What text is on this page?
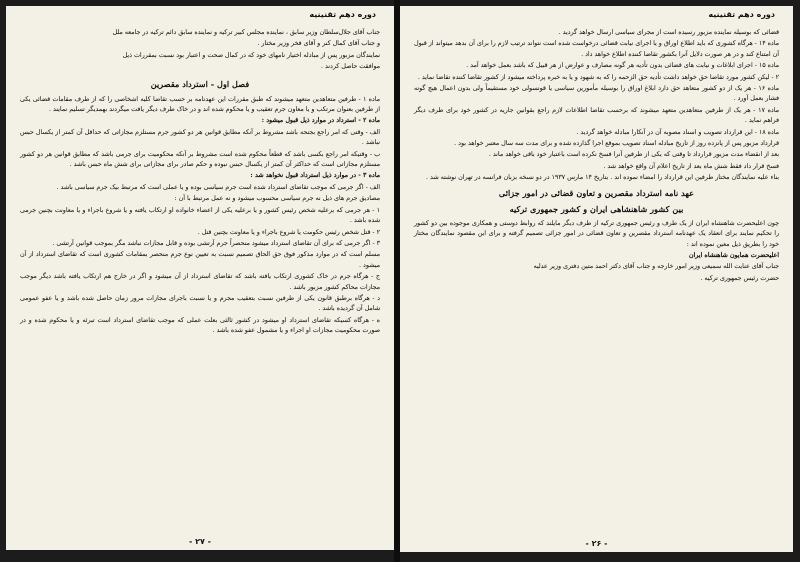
دوره دهم تقنینیه

جناب آقای جلال‌سلطان وزیر سابق ، نماینده مجلس کبیر ترکیه و نماینده سابق دائم ترکیه در جامعه ملل

و جناب آقای کمال کنر و آقای فخر وزیر مختار .

نمایندگان مزبور پس از مبادله اختیار نامهای خود که در کمال صحت و اعتبار بود نسبت بمقررات ذیل

موافقت حاصل کردند .

فصل اول - استرداد مقصرین

ماده ۱ - طرفین متعاهدین متعهد میشوند که طبق مقررات این عهدنامه بر حسب تقاضا کلیه اشخاصی را که از طرف مقامات قضائی یکی از طرفین بعنوان مرتکب و یا معاون جرم تعقیب و یا محکوم شده اند و در خاک طرف دیگر یافت میگردند بهمدیگر تسلیم نمایند .

ماده ۲ - استرداد در موارد ذیل قبول میشود :

الف - وقتی که امر راجع بجنحه باشد مشروط بر آنکه مطابق قوانین هر دو کشور جرم مستلزم مجازاتی که حداقل آن کمتر از یکسال حبس نباشد .

ب - وقتیکه امر راجع بکسی باشد که قطعاً محکوم شده است مشروط بر آنکه محکومیت برای جرمی باشد که مطابق قوانین هر دو کشور مستلزم مجازاتی است که حداکثر آن کمتر از یکسال حبس نبوده و حکم صادر برای مجازاتی برای شش ماه حبس باشد .

ماده ۳ - در موارد ذیل استرداد قبول نخواهد شد :

الف - اگر جرمی که موجب تقاضای استرداد شده است جرم سیاسی بوده و یا عملی است که مرتبط بیک جرم سیاسی باشد .

مصادیق جرم های ذیل نه جرم سیاسی محسوب میشود و نه عمل مرتبط با آن :

۱ - هر جرمی که برعلیه شخص رئیس کشور و یا برعلیه یکی از اعضاء خانواده او ارتکاب یافته و یا شروع باجراء و یا معاونت بچنین جرمی شده باشد .

۲ - قتل شخص رئیس حکومت یا شروع باجراء و یا معاونت بچنین قتل .

۳ - اگر جرمی که برای آن تقاضای استرداد میشود منحصراً جرم آرتشی بوده و قابل مجازات نباشد مگر بموجب قوانین آرتشی .

مسلم است که در موارد مذکور فوق حق الحاق تصمیم نسبت به تعیین نوع جرم منحصر بمقامات کشوری است که تقاضای استرداد از آن میشود .

ج - هرگاه جرم در خاک کشوری ارتکاب یافته باشد که تقاضای استرداد از آن میشود و اگر در خارج هم ارتکاب یافته باشد دیگر موجب مجازات محاکم کشور مزبور باشد .

د - هرگاه برطبق قانون یکی از طرفین نسبت بتعقیب مجرم و یا نسبت باجرای مجازات مرور زمان حاصل شده باشد و یا عفو عمومی شامل آن گردیده باشد .

ه - هرگاه کسیکه تقاضای استرداد او میشود در کشور ثالثی بعلت عملی که موجب تقاضای استرداد است تبرئه و یا محکوم شده و در صورت محکومیت مجازات او اجراء و یا مشمول عفو شده باشد .

- ۲۷ -
دوره دهم تقنینیه

قضائی که بوسیله نماینده مزبور رسیده است از مجرای سیاسی ارسال خواهد گردید .

ماده ۱۴ - هرگاه کشوری که باید اطلاع اوراق و یا اجرای نیابت قضائی درخواست شده است نتواند ترتیب لازم را برای آن بدهد میتواند از قبول آن امتناع کند و در هر صورت دلایل آنرا بکشور تقاضا کننده اطلاع خواهد داد .

ماده ۱۵ - اجرای ابلاغات و نیابت های قضائی بدون تأدیه هر گونه مصارف و عوارض از هر قبیل که باشد بعمل خواهد آمد .

۲ - لیکن کشور مورد تقاضا حق خواهد داشت تأدیه حق الزحمه را که به شهود و یا به خبره پرداخته میشود از کشور تقاضا کننده تقاضا نماید .

ماده ۱۶ - هر یک از دو کشور متعاهد حق دارد ابلاغ اوراق را بوسیله مأمورین سیاسی یا قونسولی خود مستقیماً ولی بدون اعمال هیچ گونه فشار بعمل آورد .

ماده ۱۷ - هر یک از طرفین متعاهدین متعهد میشوند که برحسب تقاضا اطلاعات لازم راجع بقوانین جاریه در کشور خود برای طرف دیگر فراهم نماید .

ماده ۱۸ - این قرارداد تصویب و اسناد مصوبه آن در آنکارا مبادله خواهد گردید .

قرارداد مزبور پس از پانزده روز از تاریخ مبادله اسناد تصویب بموقع اجرا گذارده شده و برای مدت سه سال معتبر خواهد بود .

بعد از انقضاء مدت مزبور قرارداد تا وقتی که یکی از طرفین آنرا فسخ نکرده است باعتبار خود باقی خواهد ماند .

فسخ قرار داد فقط شش ماه بعد از تاریخ اعلام آن واقع خواهد شد .

بناء علیه نمایندگان مختار طرفین این قرارداد را امضاء نموده اند . بتاریخ ۱۴ مارس ۱۹۳۷ در دو نسخه بزبان فرانسه در تهران نوشته شد .

عهد نامه استرداد مقصرین و تعاون قضائی در امور جزائی

بین کشور شاهنشاهی ایران و کشور جمهوری ترکیه

چون اعلیحضرت شاهنشاه ایران از یک طرف و رئیس جمهوری ترکیه از طرف دیگر مایلند که روابط دوستی و همکاری موجوده بین دو کشور را تحکیم نمایند برای انعقاد یک عهدنامه استرداد مقصرین و تعاون قضائی در امور جزائی تصمیم گرفته و برای این مقصود نمایندگان مختار خود را بطریق ذیل معین نموده اند :

اعلیحضرت همایون شاهنشاه ایران

جناب آقای عنایت الله سمیعی وزیر امور خارجه و جناب آقای دکتر احمد متین دفتری وزیر عدلیه

حضرت رئیس جمهوری ترکیه .

- ۲۶ -
